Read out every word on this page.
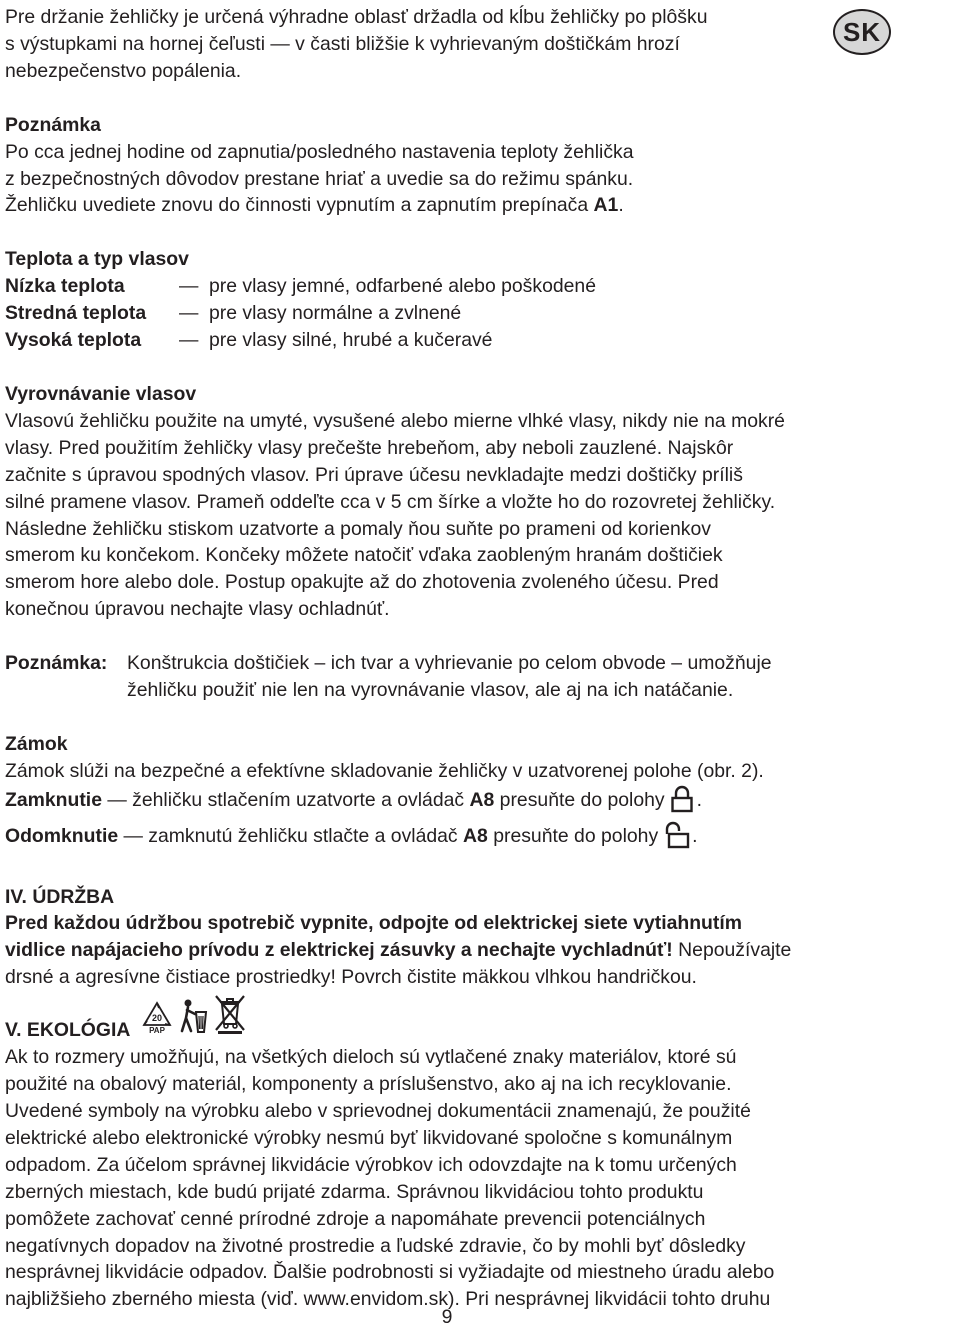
SK

Pre držanie žehličky je určená výhradne oblasť držadla od kĺbu žehličky po plôšku
s výstupkami na hornej čeľusti — v časti bližšie k vyhrievaným doštičkám hrozí
nebezpečenstvo popálenia.

Poznámka
Po cca jednej hodine od zapnutia/posledného nastavenia teploty žehlička
z bezpečnostných dôvodov prestane hriať a uvedie sa do režimu spánku.
Žehličku uvediete znovu do činnosti vypnutím a zapnutím prepínača A1.

Teplota a typ vlasov
Nízka teplota	— pre vlasy jemné, odfarbené alebo poškodené
Stredná teplota	— pre vlasy normálne a zvlnené
Vysoká teplota	— pre vlasy silné, hrubé a kučeravé

Vyrovnávanie vlasov
Vlasovú žehličku použite na umyté, vysušené alebo mierne vlhké vlasy, nikdy nie na mokré
vlasy. Pred použitím žehličky vlasy prečešte hrebeňom, aby neboli zauzlené. Najskôr
začnite s úpravou spodných vlasov. Pri úprave účesu nevkladajte medzi doštičky príliš
silné pramene vlasov. Prameň oddeľte cca v 5 cm šírke a vložte ho do rozovretej žehličky.
Následne žehličku stiskom uzatvorte a pomaly ňou suňte po prameni od korienkov
smerom ku končekom. Končeky môžete natočiť vďaka zaobleným hranám doštičiek
smerom hore alebo dole. Postup opakujte až do zhotovenia zvoleného účesu. Pred
konečnou úpravou nechajte vlasy ochladnúť.

Poznámka:	Konštrukcia doštičiek – ich tvar a vyhrievanie po celom obvode – umožňuje
žehličku použiť nie len na vyrovnávanie vlasov, ale aj na ich natáčanie.
Zámok
Zámok slúži na bezpečné a efektívne skladovanie žehličky v uzatvorenej polohe (obr. 2).
Zamknutie — žehličku stlačením uzatvorte a ovládač A8 presuňte do polohy .
Odomknutie — zamknutú žehličku stlačte a ovládač A8 presuňte do polohy .
IV. ÚDRŽBA
Pred každou údržbou spotrebič vypnite, odpojte od elektrickej siete vytiahnutím
vidlice napájacieho prívodu z elektrickej zásuvky a nechajte vychladnúť! Nepoužívajte
drsné a agresívne čistiace prostriedky! Povrch čistite mäkkou vlhkou handričkou.
V. EKOLÓGIA
20
PAP
Ak to rozmery umožňujú, na všetkých dieloch sú vytlačené znaky materiálov, ktoré sú
použité na obalový materiál, komponenty a príslušenstvo, ako aj na ich recyklovanie.
Uvedené symboly na výrobku alebo v sprievodnej dokumentácii znamenajú, že použité
elektrické alebo elektronické výrobky nesmú byť likvidované spoločne s komunálnym
odpadom. Za účelom správnej likvidácie výrobkov ich odovzdajte na k tomu určených
zberných miestach, kde budú prijaté zdarma. Správnou likvidáciou tohto produktu
pomôžete zachovať cenné prírodné zdroje a napomáhate prevencii potenciálnych
negatívnych dopadov na životné prostredie a ľudské zdravie, čo by mohli byť dôsledky
nesprávnej likvidácie odpadov. Ďalšie podrobnosti si vyžiadajte od miestneho úradu alebo
najbližšieho zberného miesta (viď. www.envidom.sk). Pri nesprávnej likvidácii tohto druhu
9
